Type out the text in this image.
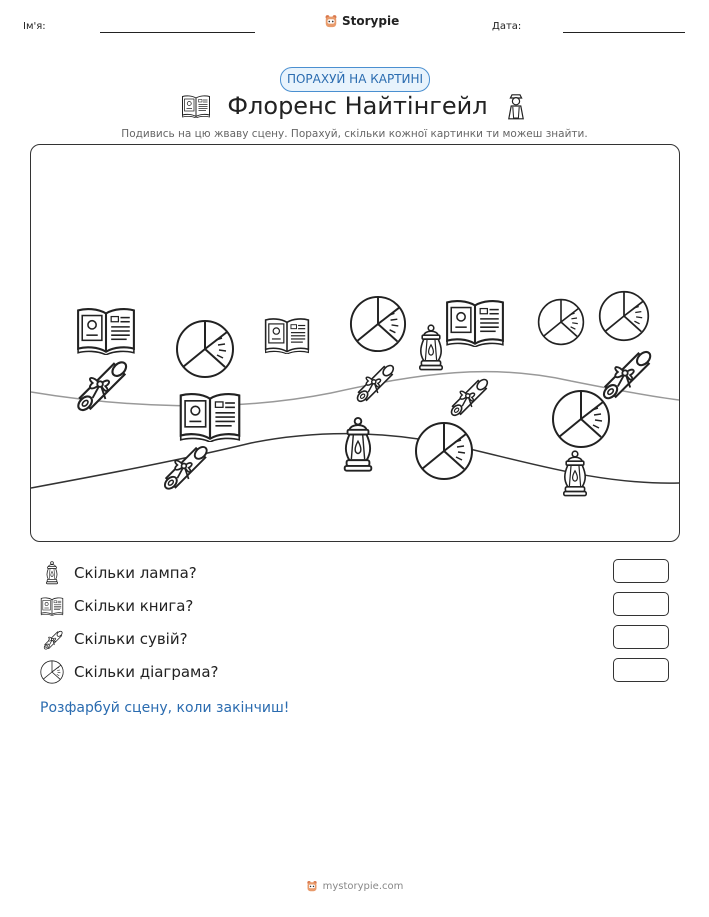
Ім'я:	Storypie	Дата:
ПОРАХУЙ НА КАРТИНІ
Флоренс Найтінгейл
Подивись на цю жваву сцену. Порахуй, скільки кожної картинки ти можеш знайти.
Скільки лампа?
Скільки книга?
Скільки сувій?
Скільки діаграма?
Розфарбуй сцену, коли закінчиш!
mystorypie.com
